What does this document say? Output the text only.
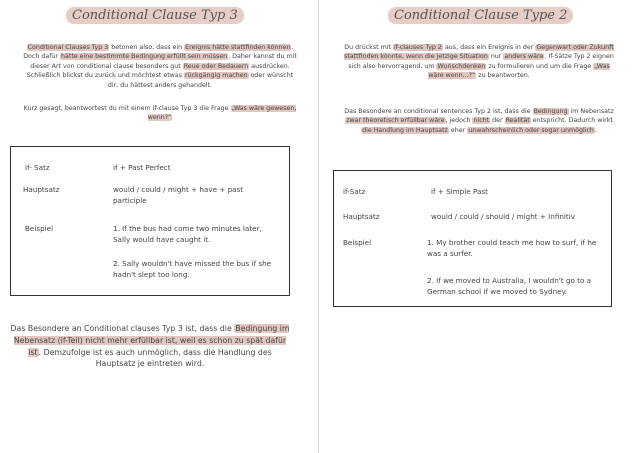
Conditional Clause Typ 3
Conditional Clauses Typ 3 betonen also, dass ein Ereignis hätte stattfinden können. Doch dafür hätte eine bestimmte Bedingung erfüllt sein müssen. Daher kannst du mit dieser Art von conditional clause besonders gut Reue oder Bedauern ausdrücken. Schließlich blickst du zurück und möchtest etwas rückgängig machen oder wünscht dir, du hättest anders gehandelt.
Kurz gesagt, beantwortest du mit einem if-clause Typ 3 die Frage „Was wäre gewesen, wenn?“
if- Satz	if + Past Perfect
Hauptsatz	would / could / might + have + past participle
Beispiel	1. If the bus had come two minutes later, Sally would have caught it.
2. Sally wouldn't have missed the bus if she hadn't slept too long.
Das Besondere an Conditional clauses Typ 3 ist, dass die Bedingung im Nebensatz (if-Teil) nicht mehr erfüllbar ist, weil es schon zu spät dafür ist. Demzufolge ist es auch unmöglich, dass die Handlung des Hauptsatz je eintreten wird.
Conditional Clause Type 2
Du drückst mit if-clauses Typ 2 aus, dass ein Ereignis in der Gegenwart oder Zukunft stattfinden könnte, wenn die jetzige Situation nur anders wäre. If-Sätze Typ 2 eignen sich also hervorragend, um Wunschdenken zu formulieren und um die Frage „Was wäre wenn...?“ zu beantworten.
Das Besondere an conditional sentences Typ 2 ist, dass die Bedingung im Nebensatz zwar theoretisch erfüllbar wäre, jedoch nicht der Realität entspricht. Dadurch wirkt die Handlung im Hauptsatz eher unwahrscheinlich oder sogar unmöglich.
if-Satz	if + Simple Past
Hauptsatz	would / could / should / might + Infinitiv
Beispiel	1. My brother could teach me how to surf, if he was a surfer.
2. If we moved to Australia, I wouldn't go to a German school if we moved to Sydney.
